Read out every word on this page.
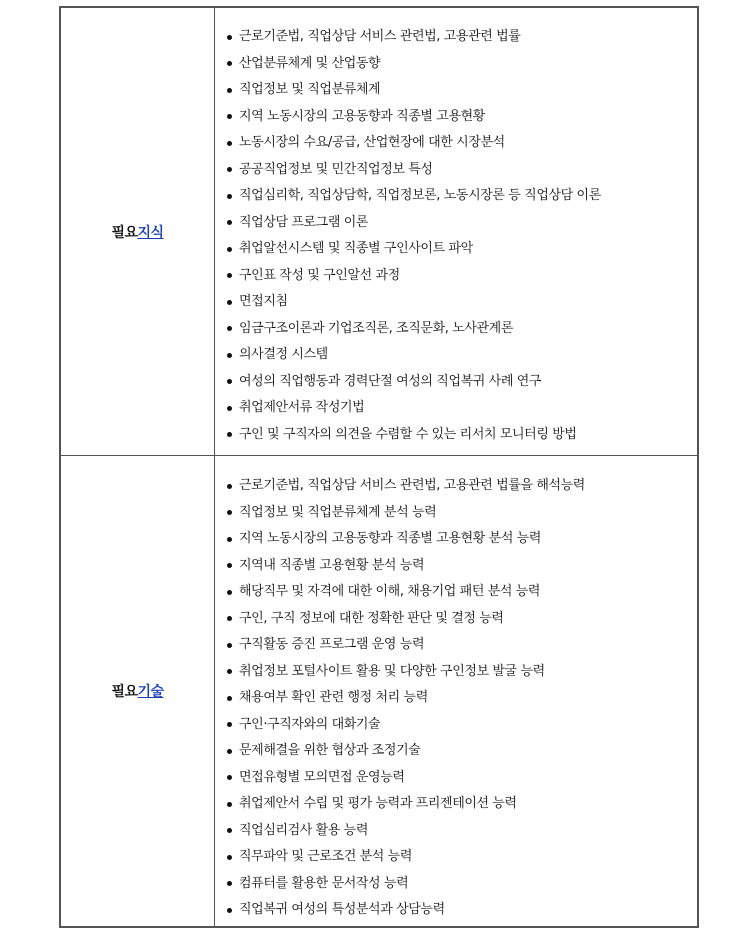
필요지식
근로기준법, 직업상담 서비스 관련법, 고용관련 법률
산업분류체계 및 산업동향
직업정보 및 직업분류체계
지역 노동시장의 고용동향과 직종별 고용현황
노동시장의 수요/공급, 산업현장에 대한 시장분석
공공직업정보 및 민간직업정보 특성
직업심리학, 직업상담학, 직업정보론, 노동시장론 등 직업상담 이론
직업상담 프로그램 이론
취업알선시스템 및 직종별 구인사이트 파악
구인표 작성 및 구인알선 과정
면접지침
임금구조이론과 기업조직론, 조직문화, 노사관계론
의사결정 시스템
여성의 직업행동과 경력단절 여성의 직업복귀 사례 연구
취업제안서류 작성기법
구인 및 구직자의 의견을 수렴할 수 있는 리서치 모니터링 방법
필요기술
근로기준법, 직업상담 서비스 관련법, 고용관련 법률을 해석능력
직업정보 및 직업분류체계 분석 능력
지역 노동시장의 고용동향과 직종별 고용현황 분석 능력
지역내 직종별 고용현황 분석 능력
해당직무 및 자격에 대한 이해, 채용기업 패턴 분석 능력
구인, 구직 정보에 대한 정확한 판단 및 결정 능력
구직활동 증진 프로그램 운영 능력
취업정보 포털사이트 활용 및 다양한 구인정보 발굴 능력
채용여부 확인 관련 행정 처리 능력
구인·구직자와의 대화기술
문제해결을 위한 협상과 조정기술
면접유형별 모의면접 운영능력
취업제안서 수립 및 평가 능력과 프리젠테이션 능력
직업심리검사 활용 능력
직무파악 및 근로조건 분석 능력
컴퓨터를 활용한 문서작성 능력
직업복귀 여성의 특성분석과 상담능력
